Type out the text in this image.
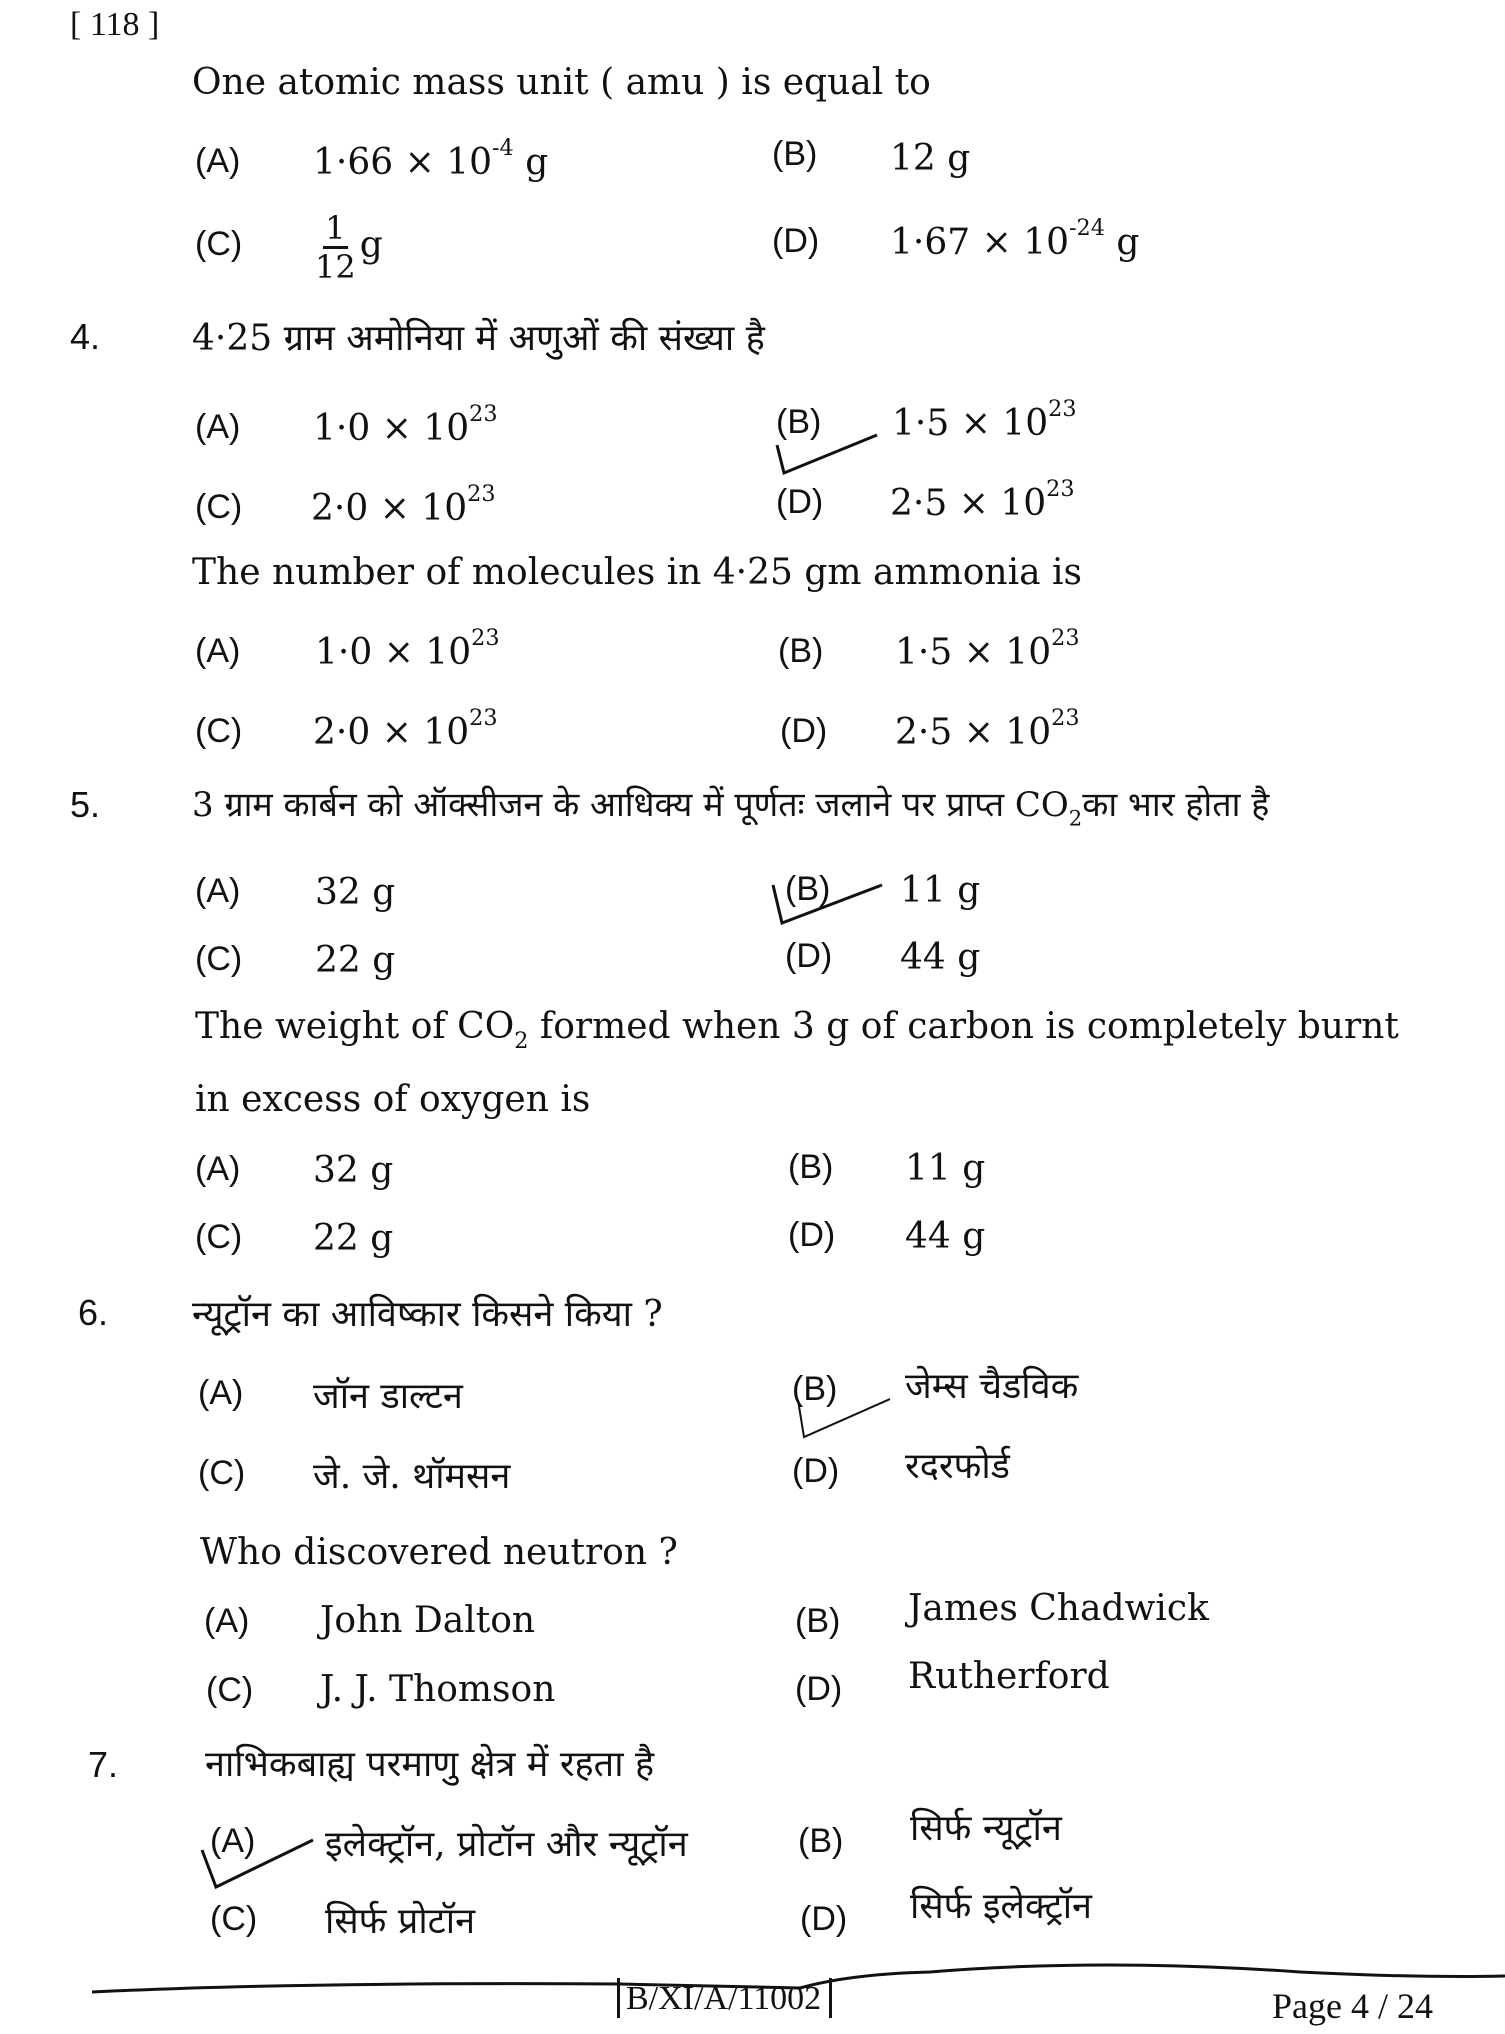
[ 118 ]
One atomic mass unit ( amu ) is equal to
(A) $1\cdot 66 \times 10^{-4}$ g	(B) 12 g
$(C) \frac{1}{12}$ g	(D) $1\cdot 67 \times 10^{-24}$ g
4.	4·25 ग्राम अमोनिया में अणुओं की संख्या है
(A) $1\cdot 0 \times 10^{23}$	(B) $1\cdot 5 \times 10^{23}$
(C) $2\cdot 0 \times 10^{23}$	(D) $2\cdot 5 \times 10^{23}$
The number of molecules in 4·25 gm ammonia is
(A) $1\cdot 0 \times 10^{23}$	(B) $1\cdot 5 \times 10^{23}$
(C) $2\cdot 0 \times 10^{23}$	(D) $2\cdot 5 \times 10^{23}$
5.	3 ग्राम कार्बन को ऑक्सीजन के आधिक्य में पूर्णतः जलाने पर प्राप्त $CO_2का$ भार होता है
(A) 32 g	(B) 11 g
(C) 22 g	(D) 44 g
The weight of $CO_2$ formed when 3 g of carbon is completely burnt
in excess of oxygen is
(A) 32 g	(B) 11 g
(C) 22 g	(D) 44 g
6. न्यूट्रॉन का आविष्कार किसने किया ?
(A) जॉन डाल्टन	(B) जेम्स चैडविक
(C) जे. जे. थॉमसन	(D) रदरफोर्ड
Who discovered neutron ?
(A) John Dalton	(B) James Chadwick
(C) J. J. Thomson	(D) Rutherford
7. नाभिकबाह्य परमाणु क्षेत्र में रहता है
(A) इलेक्ट्रॉन, प्रोटॉन और न्यूट्रॉन	(B) सिर्फ न्यूट्रॉन
(C) सिर्फ प्रोटॉन	(D) सिर्फ इलेक्ट्रॉन
B/XI/A/11002	Page 4 / 24
